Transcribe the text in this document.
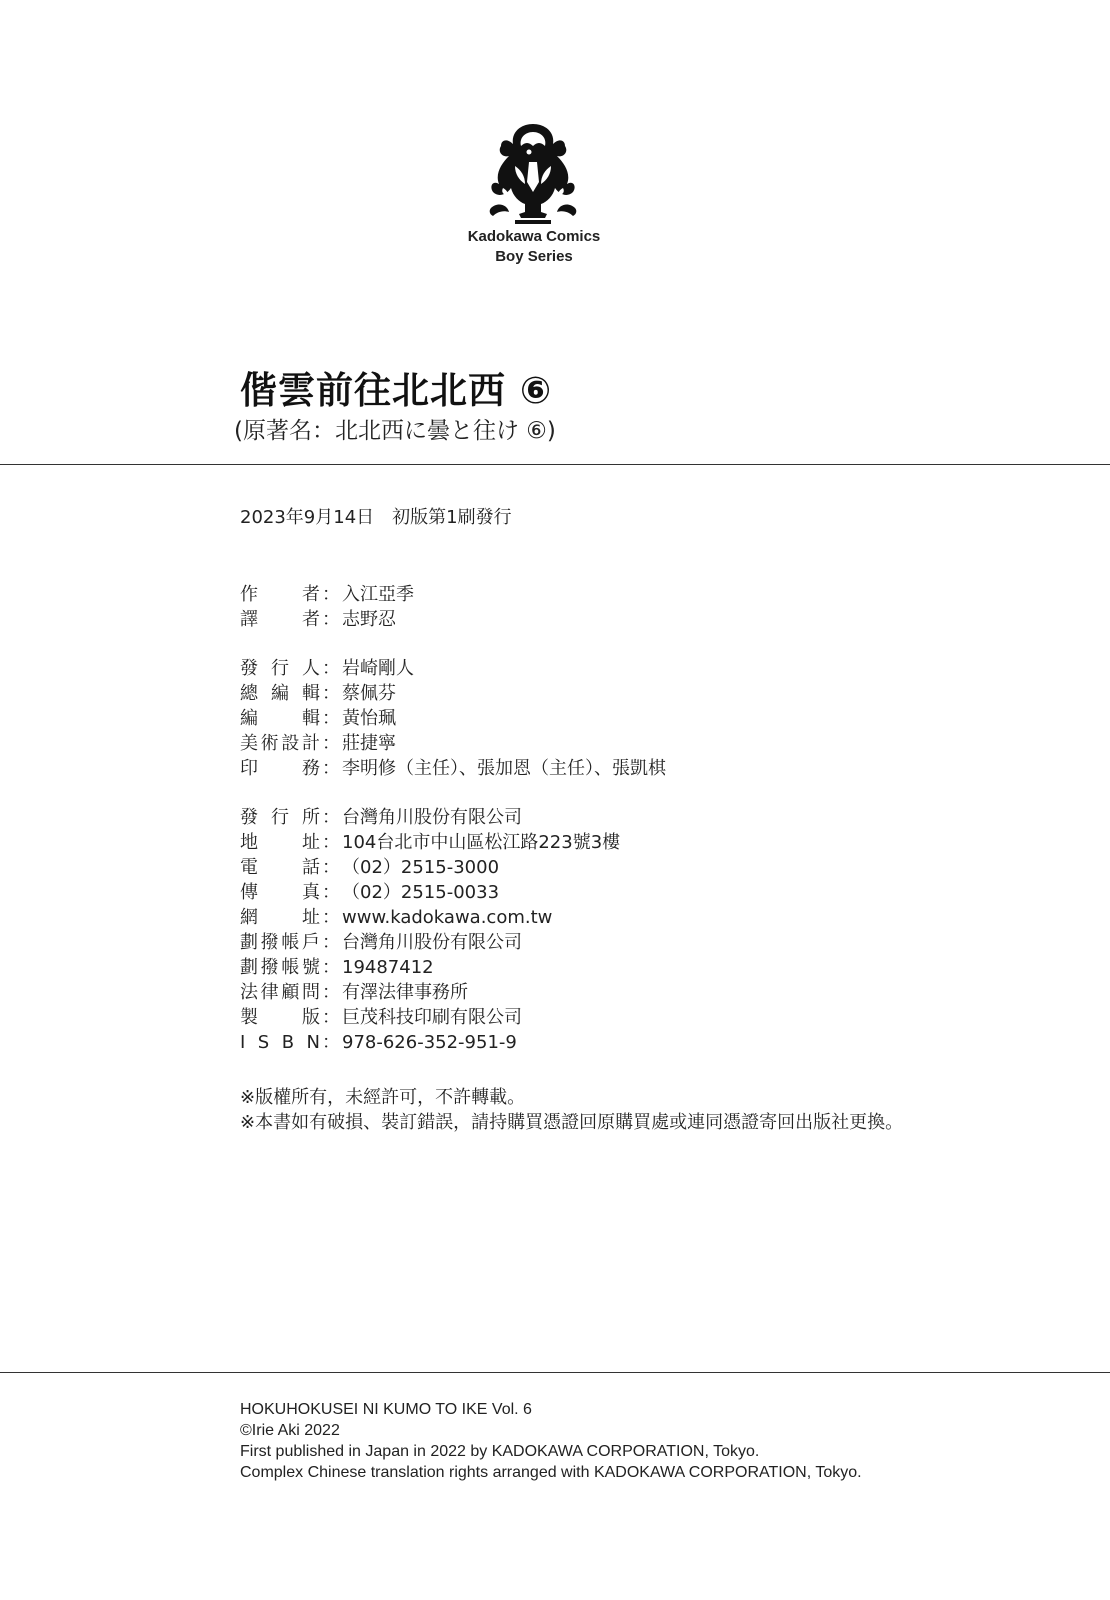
Kadokawa Comics
Boy Series
偕雲前往北北西 ⑥
(原著名：北北西に曇と往け ⑥)
2023年9月14日　初版第1刷發行
作 者 ： 入江亞季
譯 者 ： 志野忍
發 行 人 ： 岩崎剛人
總 編 輯 ： 蔡佩芬
編 輯 ： 黃怡珮
美 術 設 計 ： 莊捷寧
印 務 ： 李明修（主任）、張加恩（主任）、張凱棋
發 行 所 ： 台灣角川股份有限公司
地 址 ： 104台北市中山區松江路223號3樓
電 話 ： （02）2515-3000
傳 真 ： （02）2515-0033
網 址 ： www.kadokawa.com.tw
劃 撥 帳 戶 ： 台灣角川股份有限公司
劃 撥 帳 號 ： 19487412
法 律 顧 問 ： 有澤法律事務所
製 版 ： 巨茂科技印刷有限公司
I S B N ： 978-626-352-951-9
※版權所有，未經許可，不許轉載。
※本書如有破損、裝訂錯誤，請持購買憑證回原購買處或連同憑證寄回出版社更換。
HOKUHOKUSEI NI KUMO TO IKE Vol. 6
©Irie Aki 2022
First published in Japan in 2022 by KADOKAWA CORPORATION, Tokyo.
Complex Chinese translation rights arranged with KADOKAWA CORPORATION, Tokyo.
